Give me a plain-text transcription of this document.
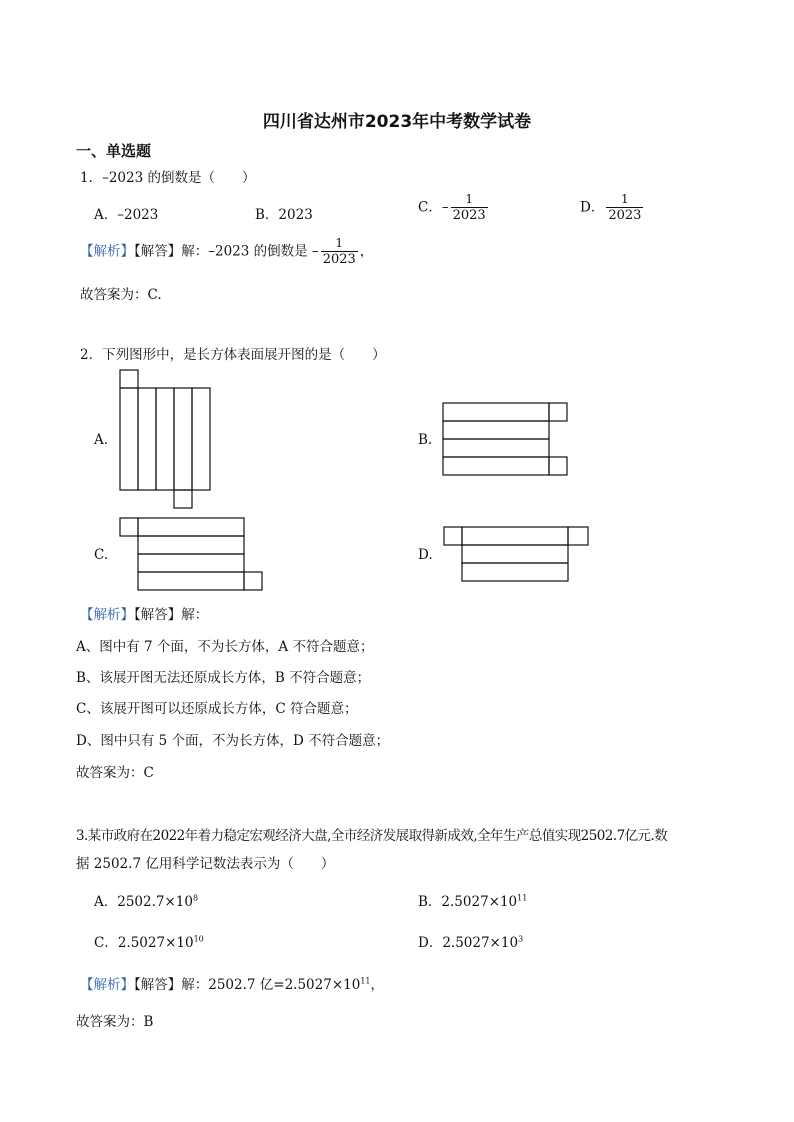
四川省达州市2023年中考数学试卷
一、单选题
1．–2023 的倒数是（　　）
A．–2023	B．2023	C．– $\frac{1}{2023}$	D． $\frac{1}{2023}$
【解析】【解答】解：–2023 的倒数是 – $\frac{1}{2023}$ ，
故答案为：C.
2．下列图形中，是长方体表面展开图的是（　　）
A.	B.
C.	D.
【解析】【解答】解：
A、图中有 7 个面，不为长方体，A 不符合题意；
B、该展开图无法还原成长方体，B 不符合题意；
C、该展开图可以还原成长方体，C 符合题意；
D、图中只有 5 个面，不为长方体，D 不符合题意；
故答案为：C
3.某市政府在2022年着力稳定宏观经济大盘,全市经济发展取得新成效,全年生产总值实现2502.7亿元.数
据 2502.7 亿用科学记数法表示为（　　）
A．$2502.7\times 10^8$	B．$2.5027\times 10^{11}$
C．$2.5027\times 10^{10}$	D．$2.5027\times 10^3$
【解析】【解答】解：2502.7 亿$=2.5027\times 10^{11}$，
故答案为：B
